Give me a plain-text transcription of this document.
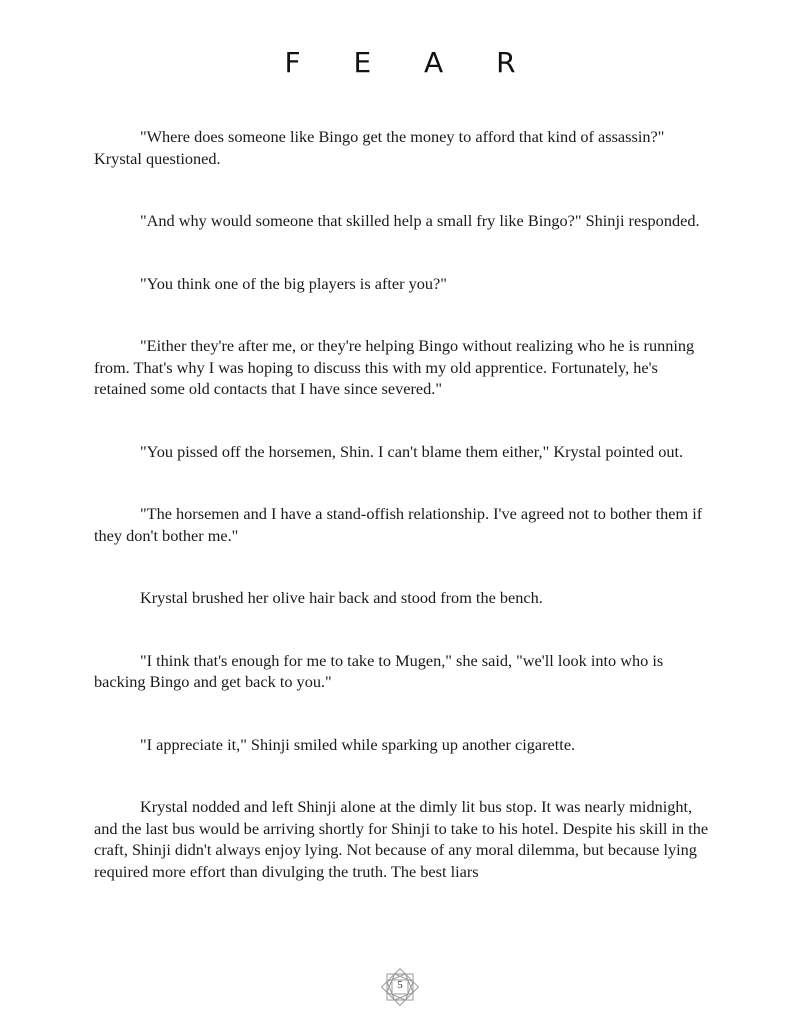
F E A R

"Where does someone like Bingo get the money to afford that kind of assassin?" Krystal questioned.

"And why would someone that skilled help a small fry like Bingo?" Shinji responded.

"You think one of the big players is after you?"

"Either they're after me, or they're helping Bingo without realizing who he is running from. That's why I was hoping to discuss this with my old apprentice. Fortunately, he's retained some old contacts that I have since severed."

"You pissed off the horsemen, Shin. I can't blame them either," Krystal pointed out.

"The horsemen and I have a stand-offish relationship. I've agreed not to bother them if they don't bother me."

Krystal brushed her olive hair back and stood from the bench.

"I think that's enough for me to take to Mugen," she said, "we'll look into who is backing Bingo and get back to you."

"I appreciate it," Shinji smiled while sparking up another cigarette.

Krystal nodded and left Shinji alone at the dimly lit bus stop. It was nearly midnight, and the last bus would be arriving shortly for Shinji to take to his hotel. Despite his skill in the craft, Shinji didn't always enjoy lying. Not because of any moral dilemma, but because lying required more effort than divulging the truth. The best liars

5
